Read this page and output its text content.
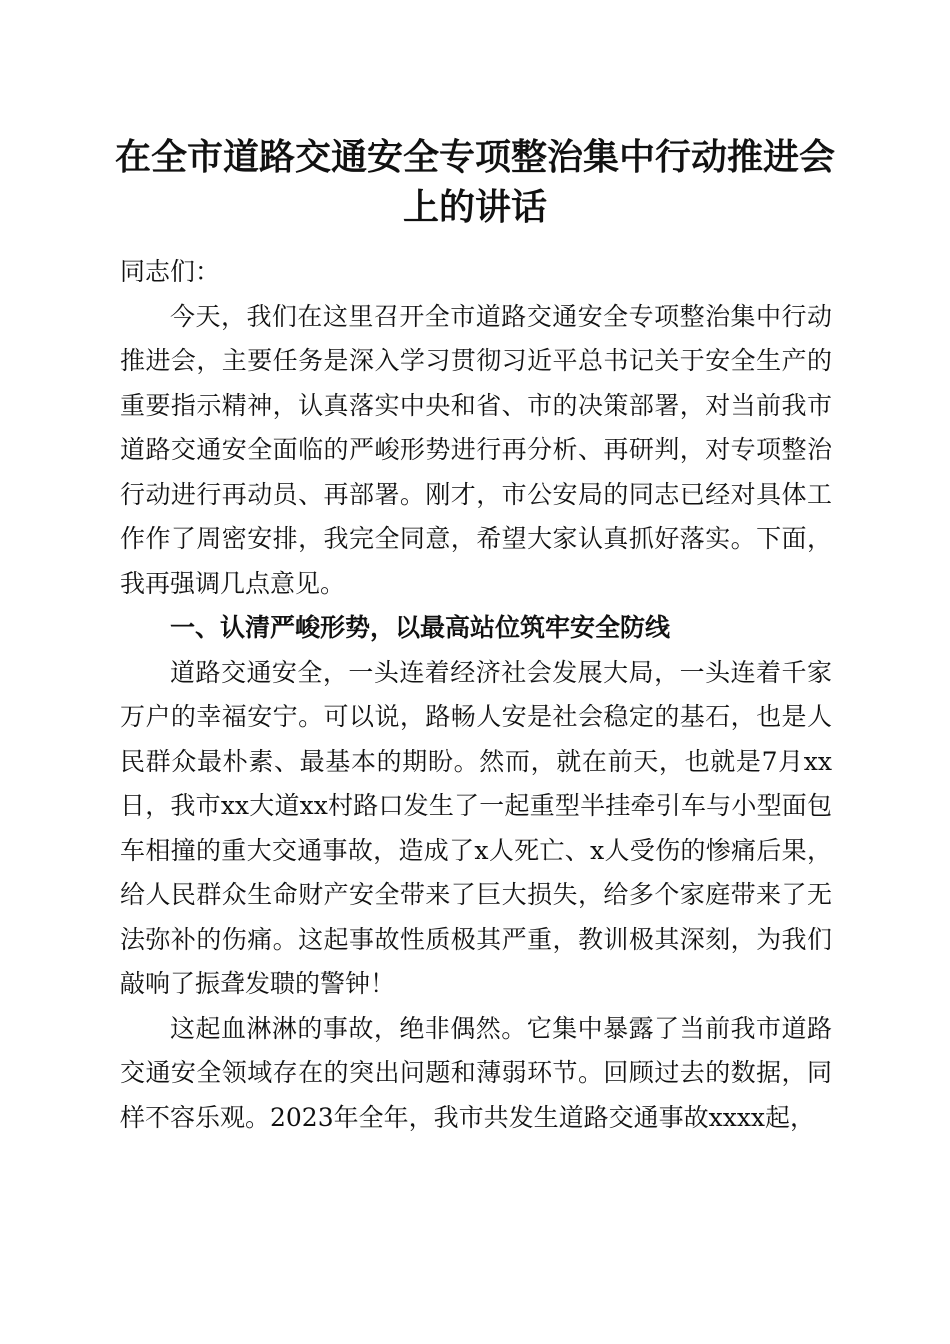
在全市道路交通安全专项整治集中行动推进会上的讲话

同志们：

今天，我们在这里召开全市道路交通安全专项整治集中行动推进会，主要任务是深入学习贯彻习近平总书记关于安全生产的重要指示精神，认真落实中央和省、市的决策部署，对当前我市道路交通安全面临的严峻形势进行再分析、再研判，对专项整治行动进行再动员、再部署。刚才，市公安局的同志已经对具体工作作了周密安排，我完全同意，希望大家认真抓好落实。下面，我再强调几点意见。

一、认清严峻形势，以最高站位筑牢安全防线

道路交通安全，一头连着经济社会发展大局，一头连着千家万户的幸福安宁。可以说，路畅人安是社会稳定的基石，也是人民群众最朴素、最基本的期盼。然而，就在前天，也就是7月xx日，我市xx大道xx村路口发生了一起重型半挂牵引车与小型面包车相撞的重大交通事故，造成了x人死亡、x人受伤的惨痛后果，给人民群众生命财产安全带来了巨大损失，给多个家庭带来了无法弥补的伤痛。这起事故性质极其严重，教训极其深刻，为我们敲响了振聋发聩的警钟！

这起血淋淋的事故，绝非偶然。它集中暴露了当前我市道路交通安全领域存在的突出问题和薄弱环节。回顾过去的数据，同样不容乐观。2023年全年，我市共发生道路交通事故xxxx起，
